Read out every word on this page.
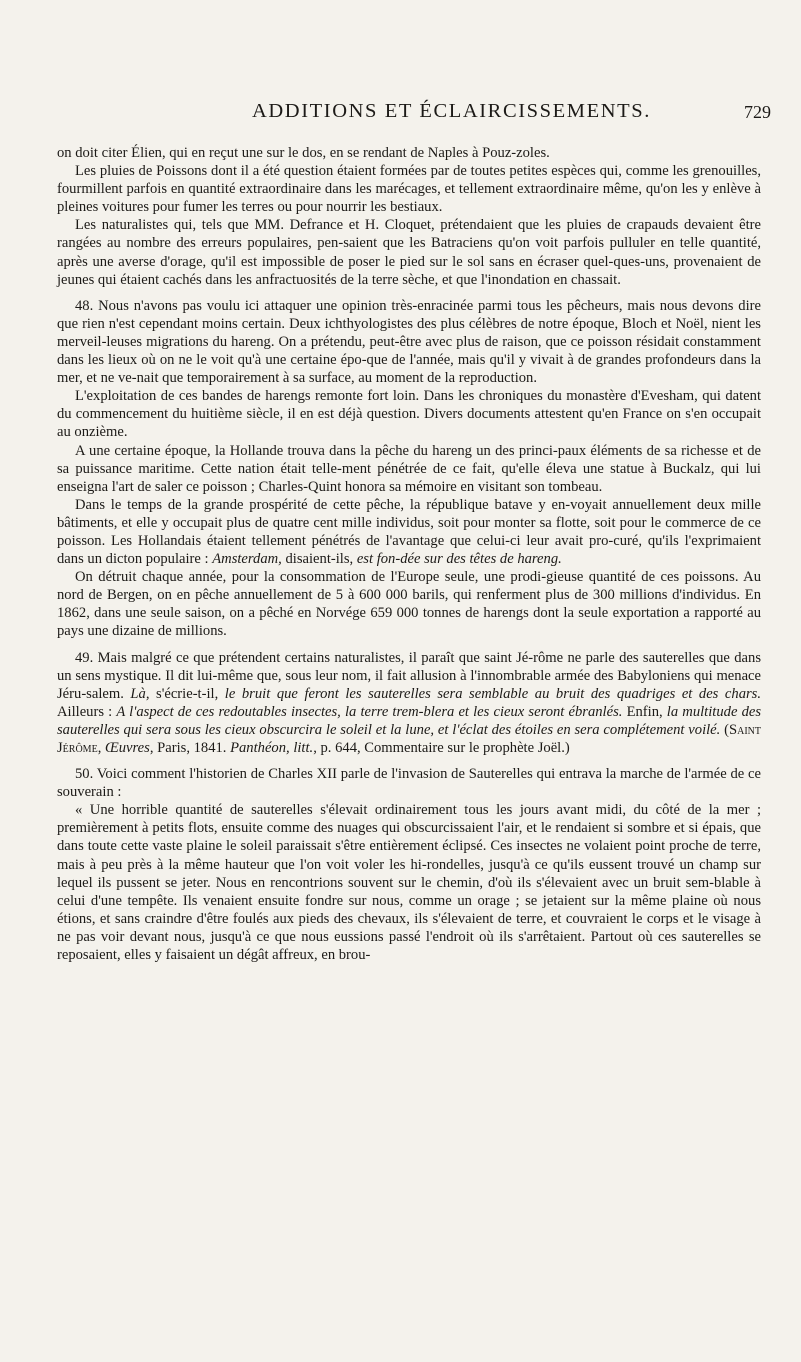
ADDITIONS ET ÉCLAIRCISSEMENTS.	729

on doit citer Élien, qui en reçut une sur le dos, en se rendant de Naples à Pouz-zoles.

Les pluies de Poissons dont il a été question étaient formées par de toutes petites espèces qui, comme les grenouilles, fourmillent parfois en quantité extraordinaire dans les marécages, et tellement extraordinaire même, qu'on les y enlève à pleines voitures pour fumer les terres ou pour nourrir les bestiaux.

Les naturalistes qui, tels que MM. Defrance et H. Cloquet, prétendaient que les pluies de crapauds devaient être rangées au nombre des erreurs populaires, pen-saient que les Batraciens qu'on voit parfois pulluler en telle quantité, après une averse d'orage, qu'il est impossible de poser le pied sur le sol sans en écraser quel-ques-uns, provenaient de jeunes qui étaient cachés dans les anfractuosités de la terre sèche, et que l'inondation en chassait.

48. Nous n'avons pas voulu ici attaquer une opinion très-enracinée parmi tous les pêcheurs, mais nous devons dire que rien n'est cependant moins certain. Deux ichthyologistes des plus célèbres de notre époque, Bloch et Noël, nient les merveil-leuses migrations du hareng. On a prétendu, peut-être avec plus de raison, que ce poisson résidait constamment dans les lieux où on ne le voit qu'à une certaine épo-que de l'année, mais qu'il y vivait à de grandes profondeurs dans la mer, et ne ve-nait que temporairement à sa surface, au moment de la reproduction.

L'exploitation de ces bandes de harengs remonte fort loin. Dans les chroniques du monastère d'Evesham, qui datent du commencement du huitième siècle, il en est déjà question. Divers documents attestent qu'en France on s'en occupait au onzième.

A une certaine époque, la Hollande trouva dans la pêche du hareng un des princi-paux éléments de sa richesse et de sa puissance maritime. Cette nation était telle-ment pénétrée de ce fait, qu'elle éleva une statue à Buckalz, qui lui enseigna l'art de saler ce poisson ; Charles-Quint honora sa mémoire en visitant son tombeau.

Dans le temps de la grande prospérité de cette pêche, la république batave y en-voyait annuellement deux mille bâtiments, et elle y occupait plus de quatre cent mille individus, soit pour monter sa flotte, soit pour le commerce de ce poisson. Les Hollandais étaient tellement pénétrés de l'avantage que celui-ci leur avait pro-curé, qu'ils l'exprimaient dans un dicton populaire : Amsterdam, disaient-ils, est fon-dée sur des têtes de hareng.

On détruit chaque année, pour la consommation de l'Europe seule, une prodi-gieuse quantité de ces poissons. Au nord de Bergen, on en pêche annuellement de 5 à 600 000 barils, qui renferment plus de 300 millions d'individus. En 1862, dans une seule saison, on a pêché en Norvége 659 000 tonnes de harengs dont la seule exportation a rapporté au pays une dizaine de millions.

49. Mais malgré ce que prétendent certains naturalistes, il paraît que saint Jé-rôme ne parle des sauterelles que dans un sens mystique. Il dit lui-même que, sous leur nom, il fait allusion à l'innombrable armée des Babyloniens qui menace Jéru-salem. Là, s'écrie-t-il, le bruit que feront les sauterelles sera semblable au bruit des quadriges et des chars. Ailleurs : A l'aspect de ces redoutables insectes, la terre trem-blera et les cieux seront ébranlés. Enfin, la multitude des sauterelles qui sera sous les cieux obscurcira le soleil et la lune, et l'éclat des étoiles en sera complétement voilé. (Saint Jérôme, Œuvres, Paris, 1841. Panthéon, litt., p. 644, Commentaire sur le prophète Joël.)

50. Voici comment l'historien de Charles XII parle de l'invasion de Sauterelles qui entrava la marche de l'armée de ce souverain :

« Une horrible quantité de sauterelles s'élevait ordinairement tous les jours avant midi, du côté de la mer ; premièrement à petits flots, ensuite comme des nuages qui obscurcissaient l'air, et le rendaient si sombre et si épais, que dans toute cette vaste plaine le soleil paraissait s'être entièrement éclipsé. Ces insectes ne volaient point proche de terre, mais à peu près à la même hauteur que l'on voit voler les hi-rondelles, jusqu'à ce qu'ils eussent trouvé un champ sur lequel ils pussent se jeter. Nous en rencontrions souvent sur le chemin, d'où ils s'élevaient avec un bruit sem-blable à celui d'une tempête. Ils venaient ensuite fondre sur nous, comme un orage ; se jetaient sur la même plaine où nous étions, et sans craindre d'être foulés aux pieds des chevaux, ils s'élevaient de terre, et couvraient le corps et le visage à ne pas voir devant nous, jusqu'à ce que nous eussions passé l'endroit où ils s'arrêtaient. Partout où ces sauterelles se reposaient, elles y faisaient un dégât affreux, en brou-
